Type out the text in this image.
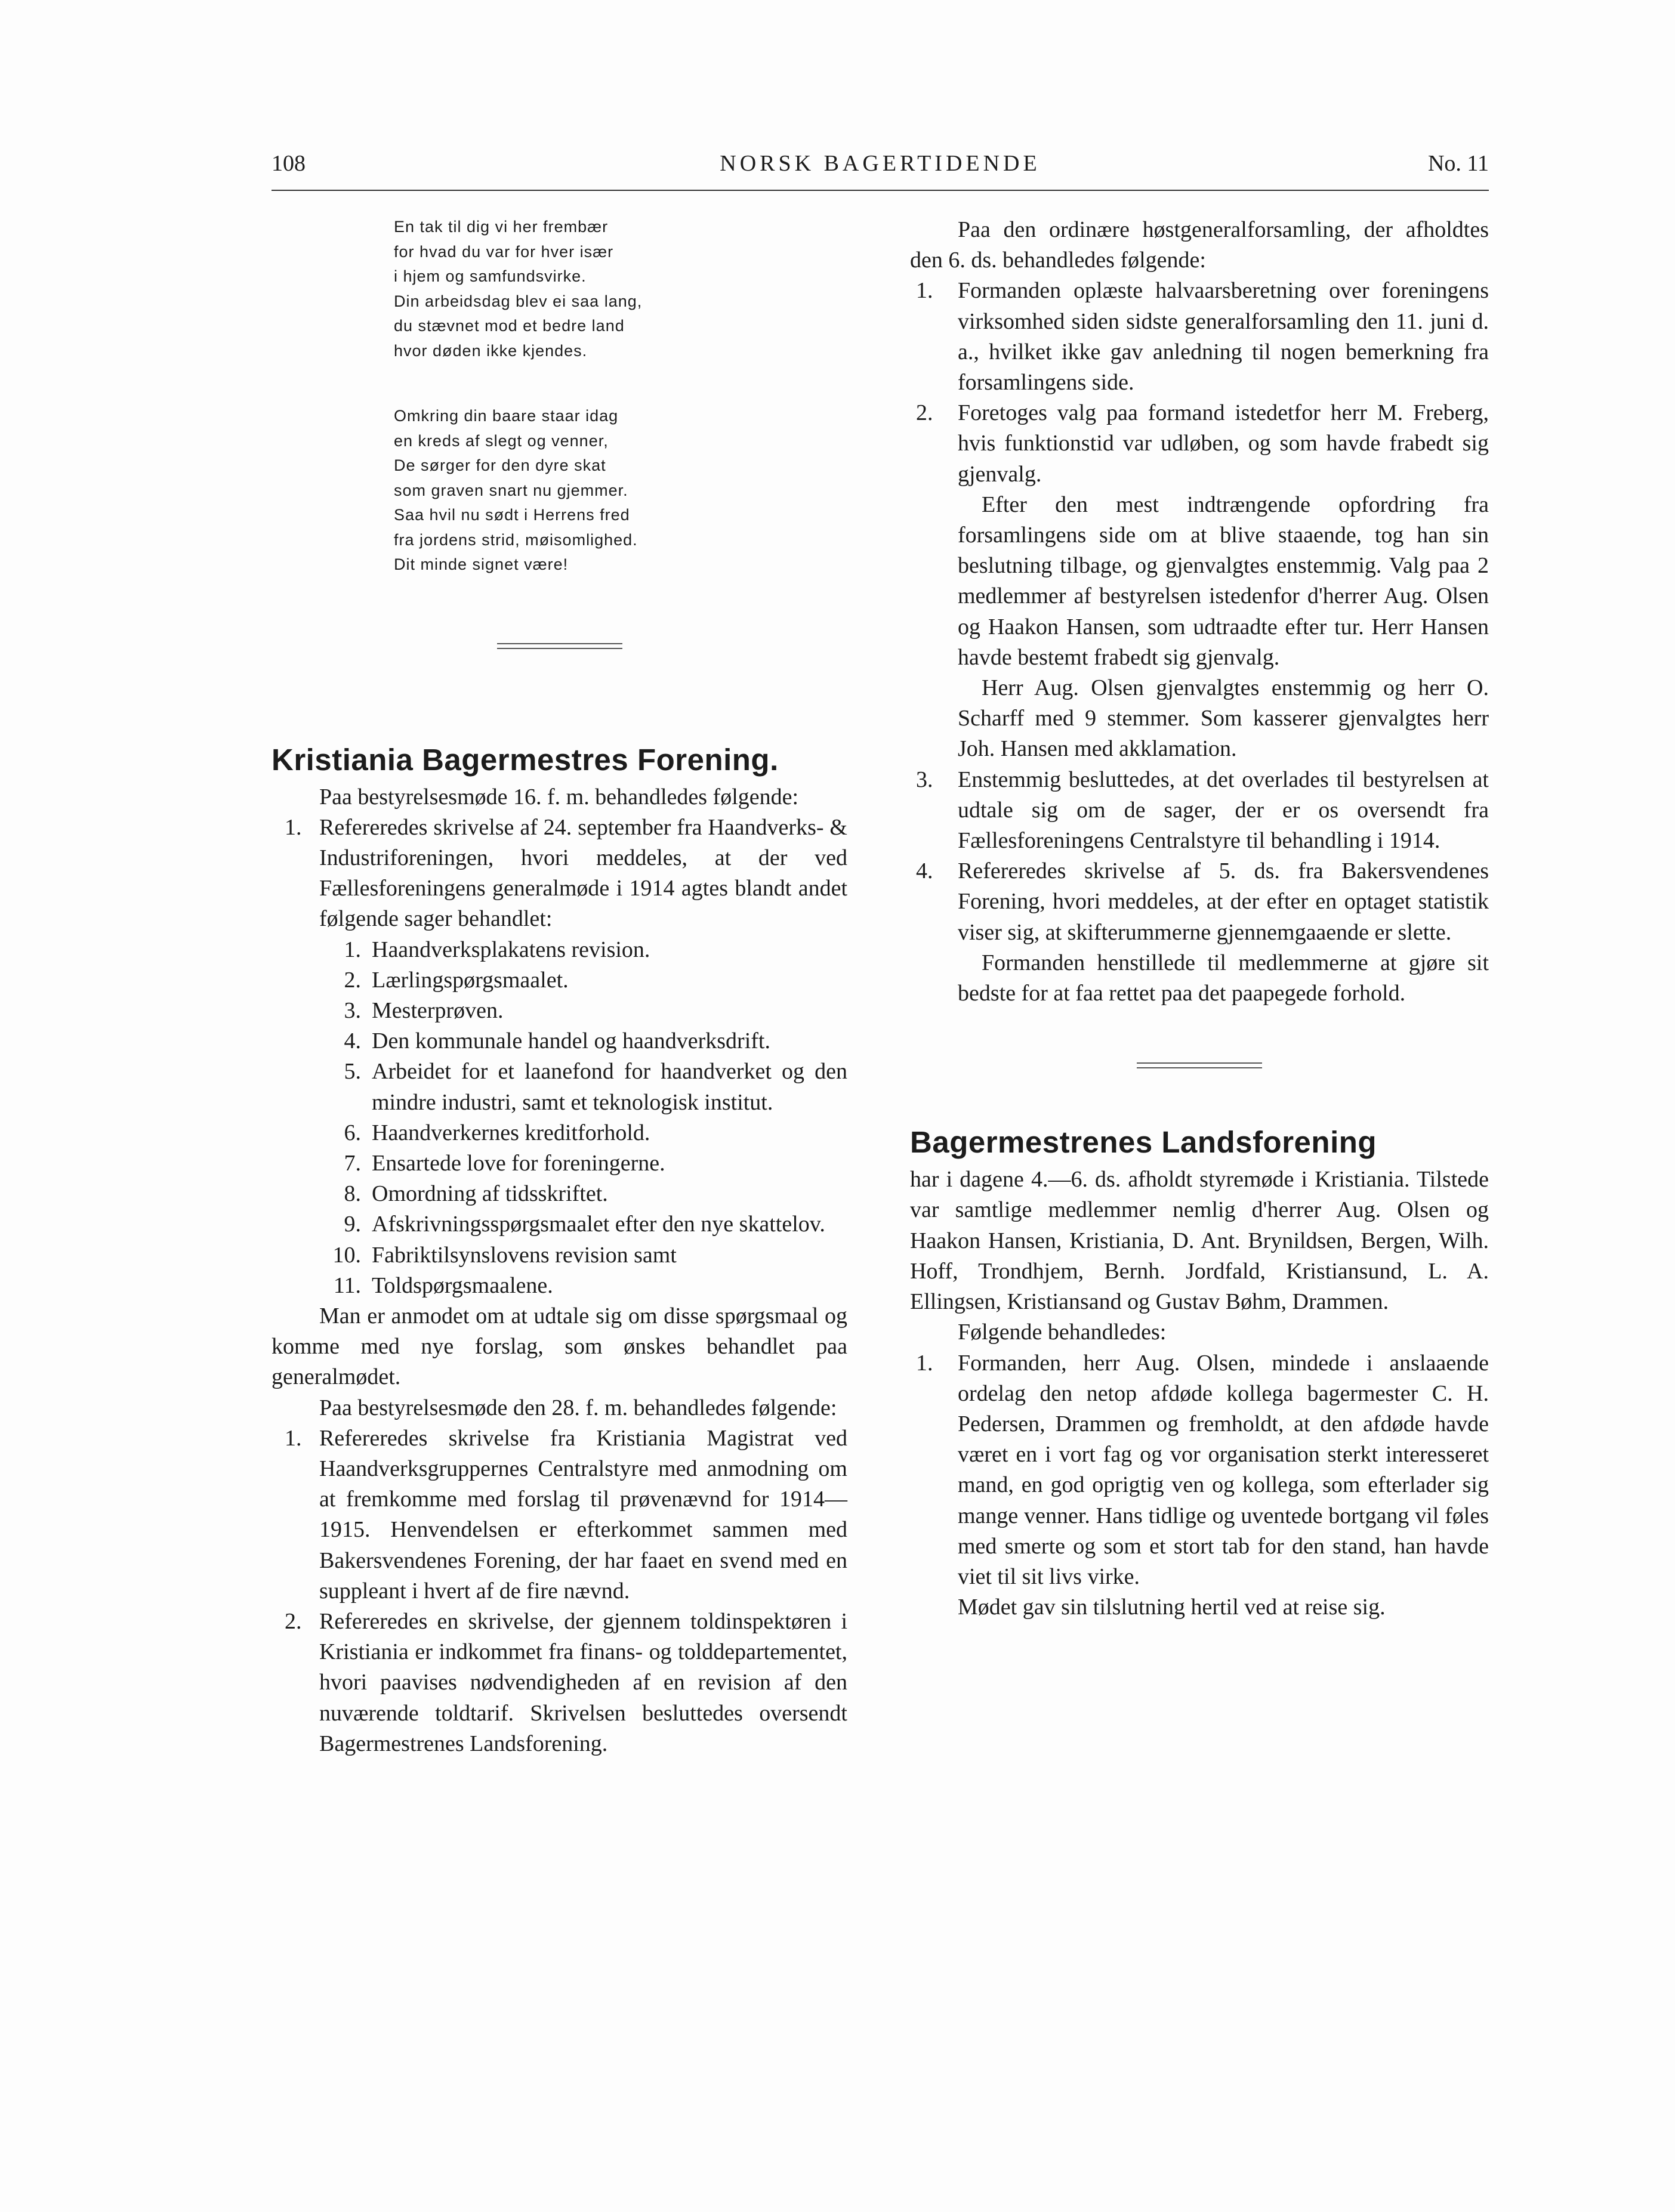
108	NORSK BAGERTIDENDE	No. 11

En tak til dig vi her frembær

for hvad du var for hver især

i hjem og samfundsvirke.

Din arbeidsdag blev ei saa lang,

du stævnet mod et bedre land

hvor døden ikke kjendes.

Omkring din baare staar idag

en kreds af slegt og venner,

De sørger for den dyre skat

som graven snart nu gjemmer.

Saa hvil nu sødt i Herrens fred

fra jordens strid, møisomlighed.

Dit minde signet være!

Kristiania Bagermestres Forening.

Paa bestyrelsesmøde 16. f. m. behandledes følgende:

1. Refereredes skrivelse af 24. september fra Haandverks- & Industriforeningen, hvori meddeles, at der ved Fællesforeningens generalmøde i 1914 agtes blandt andet følgende sager behandlet:
1. Haandverksplakatens revision.
2. Lærlingspørgsmaalet.
3. Mesterprøven.
4. Den kommunale handel og haandverksdrift.
5. Arbeidet for et laanefond for haandverket og den mindre industri, samt et teknologisk institut.
6. Haandverkernes kreditforhold.
7. Ensartede love for foreningerne.
8. Omordning af tidsskriftet.
9. Afskrivningsspørgsmaalet efter den nye skattelov.
10. Fabriktilsynslovens revision samt
11. Toldspørgsmaalene.

Man er anmodet om at udtale sig om disse spørgsmaal og komme med nye forslag, som ønskes behandlet paa generalmødet.

Paa bestyrelsesmøde den 28. f. m. behandledes følgende:

1. Refereredes skrivelse fra Kristiania Magistrat ved Haandverksgruppernes Centralstyre med anmodning om at fremkomme med forslag til prøvenævnd for 1914—1915. Henvendelsen er efterkommet sammen med Bakersvendenes Forening, der har faaet en svend med en suppleant i hvert af de fire nævnd.
2. Refereredes en skrivelse, der gjennem toldinspektøren i Kristiania er indkommet fra finans- og tolddepartementet, hvori paavises nødvendigheden af en revision af den nuværende toldtarif. Skrivelsen besluttedes oversendt Bagermestrenes Landsforening.

Paa den ordinære høstgeneralforsamling, der afholdtes den 6. ds. behandledes følgende:

1. Formanden oplæste halvaarsberetning over foreningens virksomhed siden sidste generalforsamling den 11. juni d. a., hvilket ikke gav anledning til nogen bemerkning fra forsamlingens side.
2. Foretoges valg paa formand istedetfor herr M. Freberg, hvis funktionstid var udløben, og som havde frabedt sig gjenvalg.

Efter den mest indtrængende opfordring fra forsamlingens side om at blive staaende, tog han sin beslutning tilbage, og gjenvalgtes enstemmig. Valg paa 2 medlemmer af bestyrelsen istedenfor d'herrer Aug. Olsen og Haakon Hansen, som udtraadte efter tur. Herr Hansen havde bestemt frabedt sig gjenvalg.

Herr Aug. Olsen gjenvalgtes enstemmig og herr O. Scharff med 9 stemmer. Som kasserer gjenvalgtes herr Joh. Hansen med akklamation.

3. Enstemmig besluttedes, at det overlades til bestyrelsen at udtale sig om de sager, der er os oversendt fra Fællesforeningens Centralstyre til behandling i 1914.
4. Refereredes skrivelse af 5. ds. fra Bakersvendenes Forening, hvori meddeles, at der efter en optaget statistik viser sig, at skifterummerne gjennemgaaende er slette.

Formanden henstillede til medlemmerne at gjøre sit bedste for at faa rettet paa det paapegede forhold.

Bagermestrenes Landsforening

har i dagene 4.—6. ds. afholdt styremøde i Kristiania. Tilstede var samtlige medlemmer nemlig d'herrer Aug. Olsen og Haakon Hansen, Kristiania, D. Ant. Brynildsen, Bergen, Wilh. Hoff, Trondhjem, Bernh. Jordfald, Kristiansund, L. A. Ellingsen, Kristiansand og Gustav Bøhm, Drammen.

Følgende behandledes:

1. Formanden, herr Aug. Olsen, mindede i anslaaende ordelag den netop afdøde kollega bagermester C. H. Pedersen, Drammen og fremholdt, at den afdøde havde været en i vort fag og vor organisation sterkt interesseret mand, en god oprigtig ven og kollega, som efterlader sig mange venner. Hans tidlige og uventede bortgang vil føles med smerte og som et stort tab for den stand, han havde viet til sit livs virke.

Mødet gav sin tilslutning hertil ved at reise sig.
